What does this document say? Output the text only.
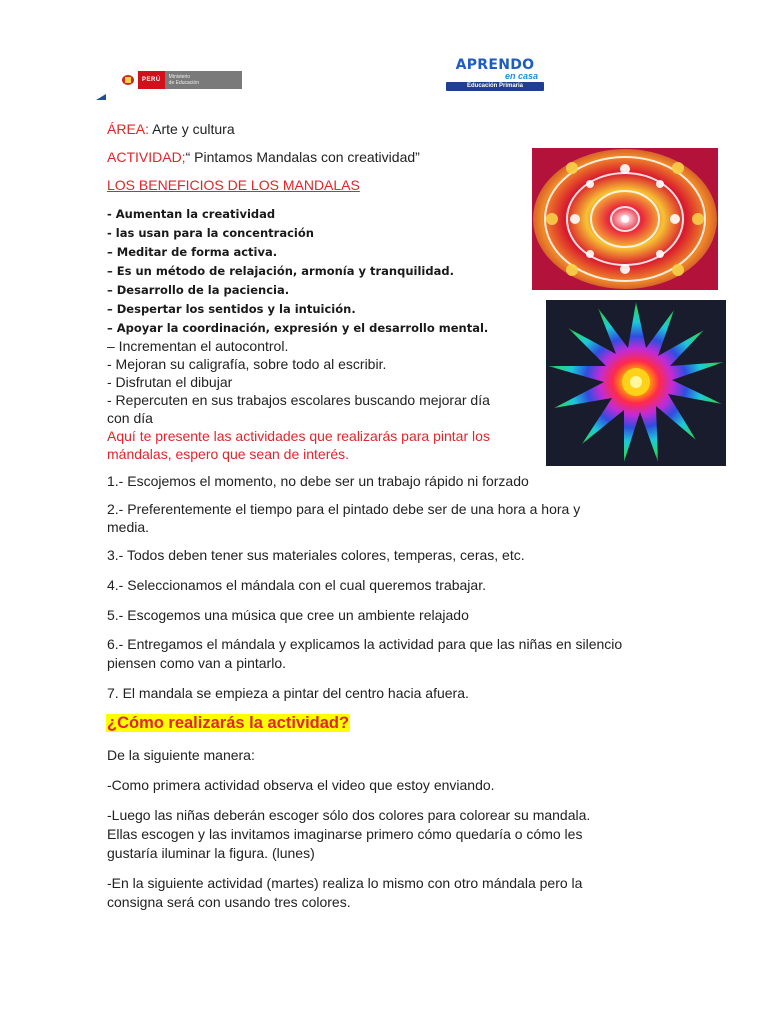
PERÚ	Ministerio
de Educación
APRENDO
en casa
Educación Primaria
ÁREA: Arte y cultura
ACTIVIDAD;“ Pintamos Mandalas con creatividad”
LOS BENEFICIOS DE LOS MANDALAS
- Aumentan la creatividad
- las usan para la concentración
– Meditar de forma activa.
– Es un método de relajación, armonía y tranquilidad.
– Desarrollo de la paciencia.
– Despertar los sentidos y la intuición.
– Apoyar la coordinación, expresión y el desarrollo mental.
– Incrementan el autocontrol.
- Mejoran su caligrafía, sobre todo al escribir.
- Disfrutan el dibujar
- Repercuten en sus trabajos escolares buscando mejorar día
con día
Aquí te presente las actividades que realizarás para pintar los
mándalas, espero que sean de interés.
1.- Escojemos el momento, no debe ser un trabajo rápido ni forzado
2.- Preferentemente el tiempo para el pintado debe ser de una hora a hora y
media.
3.- Todos deben tener sus materiales colores, temperas, ceras, etc.
4.- Seleccionamos el mándala con el cual queremos trabajar.
5.- Escogemos una música que cree un ambiente relajado
6.- Entregamos el mándala y explicamos la actividad para que las niñas en silencio
piensen como van a pintarlo.
7. El mandala se empieza a pintar del centro hacia afuera.
¿Cómo realizarás la actividad?
De la siguiente manera:
-Como primera actividad observa el video que estoy enviando.
-Luego las niñas deberán escoger sólo dos colores para colorear su mandala.
Ellas escogen y las invitamos imaginarse primero cómo quedaría o cómo les
gustaría iluminar la figura. (lunes)
-En la siguiente actividad (martes) realiza lo mismo con otro mándala pero la
consigna será con usando tres colores.
